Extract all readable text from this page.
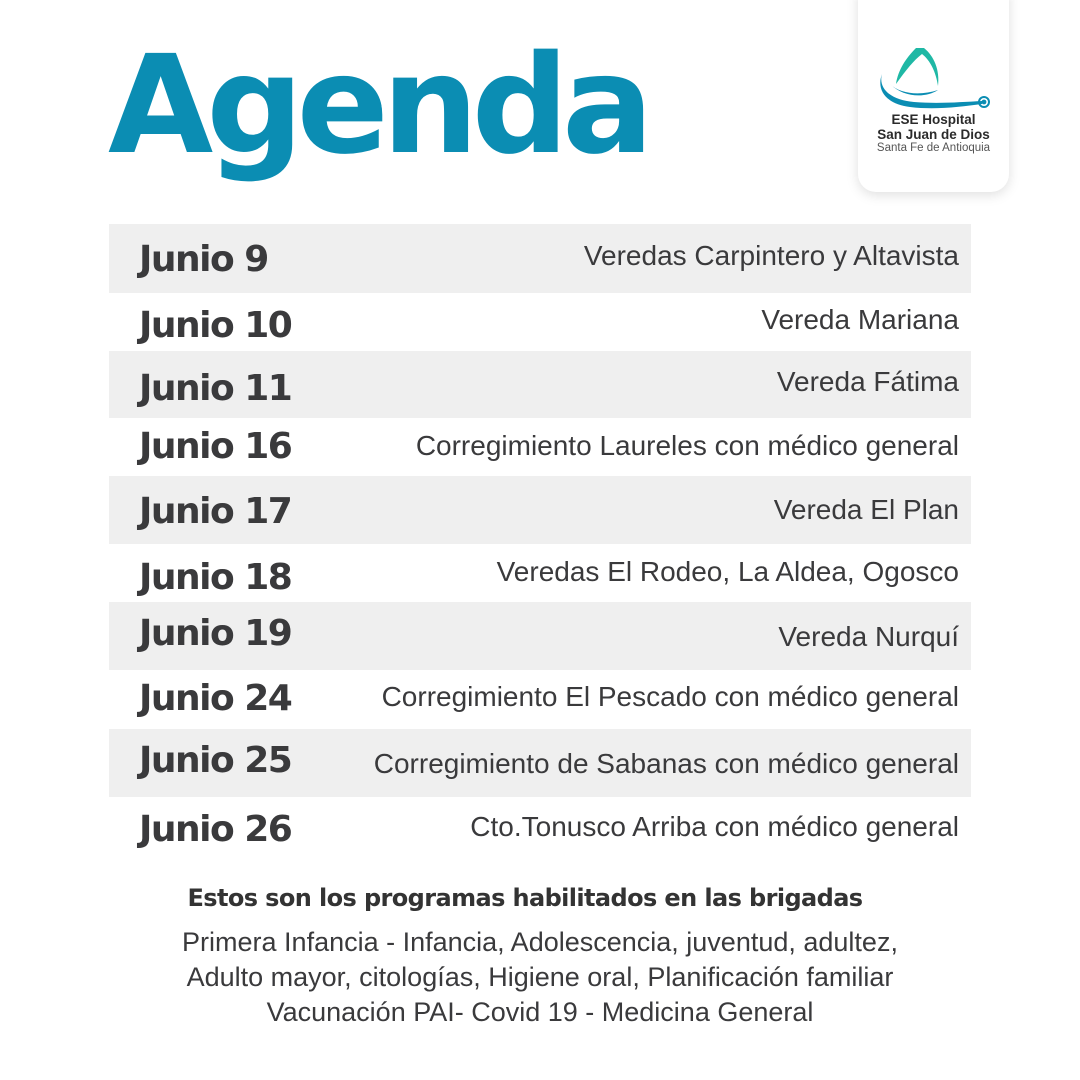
Agenda	ESE Hospital
San Juan de Dios
Santa Fe de Antioquia
Junio 9	Veredas Carpintero y Altavista
Junio 10	Vereda Mariana
Junio 11	Vereda Fátima
Junio 16	Corregimiento Laureles con médico general
Junio 17	Vereda El Plan
Junio 18	Veredas El Rodeo, La Aldea, Ogosco
Junio 19	Vereda Nurquí
Junio 24	Corregimiento El Pescado con médico general
Junio 25	Corregimiento de Sabanas con médico general
Junio 26	Cto.Tonusco Arriba con médico general
Estos son los programas habilitados en las brigadas
Primera Infancia - Infancia, Adolescencia, juventud, adultez,
Adulto mayor, citologías, Higiene oral, Planificación familiar
Vacunación PAI- Covid 19 - Medicina General
